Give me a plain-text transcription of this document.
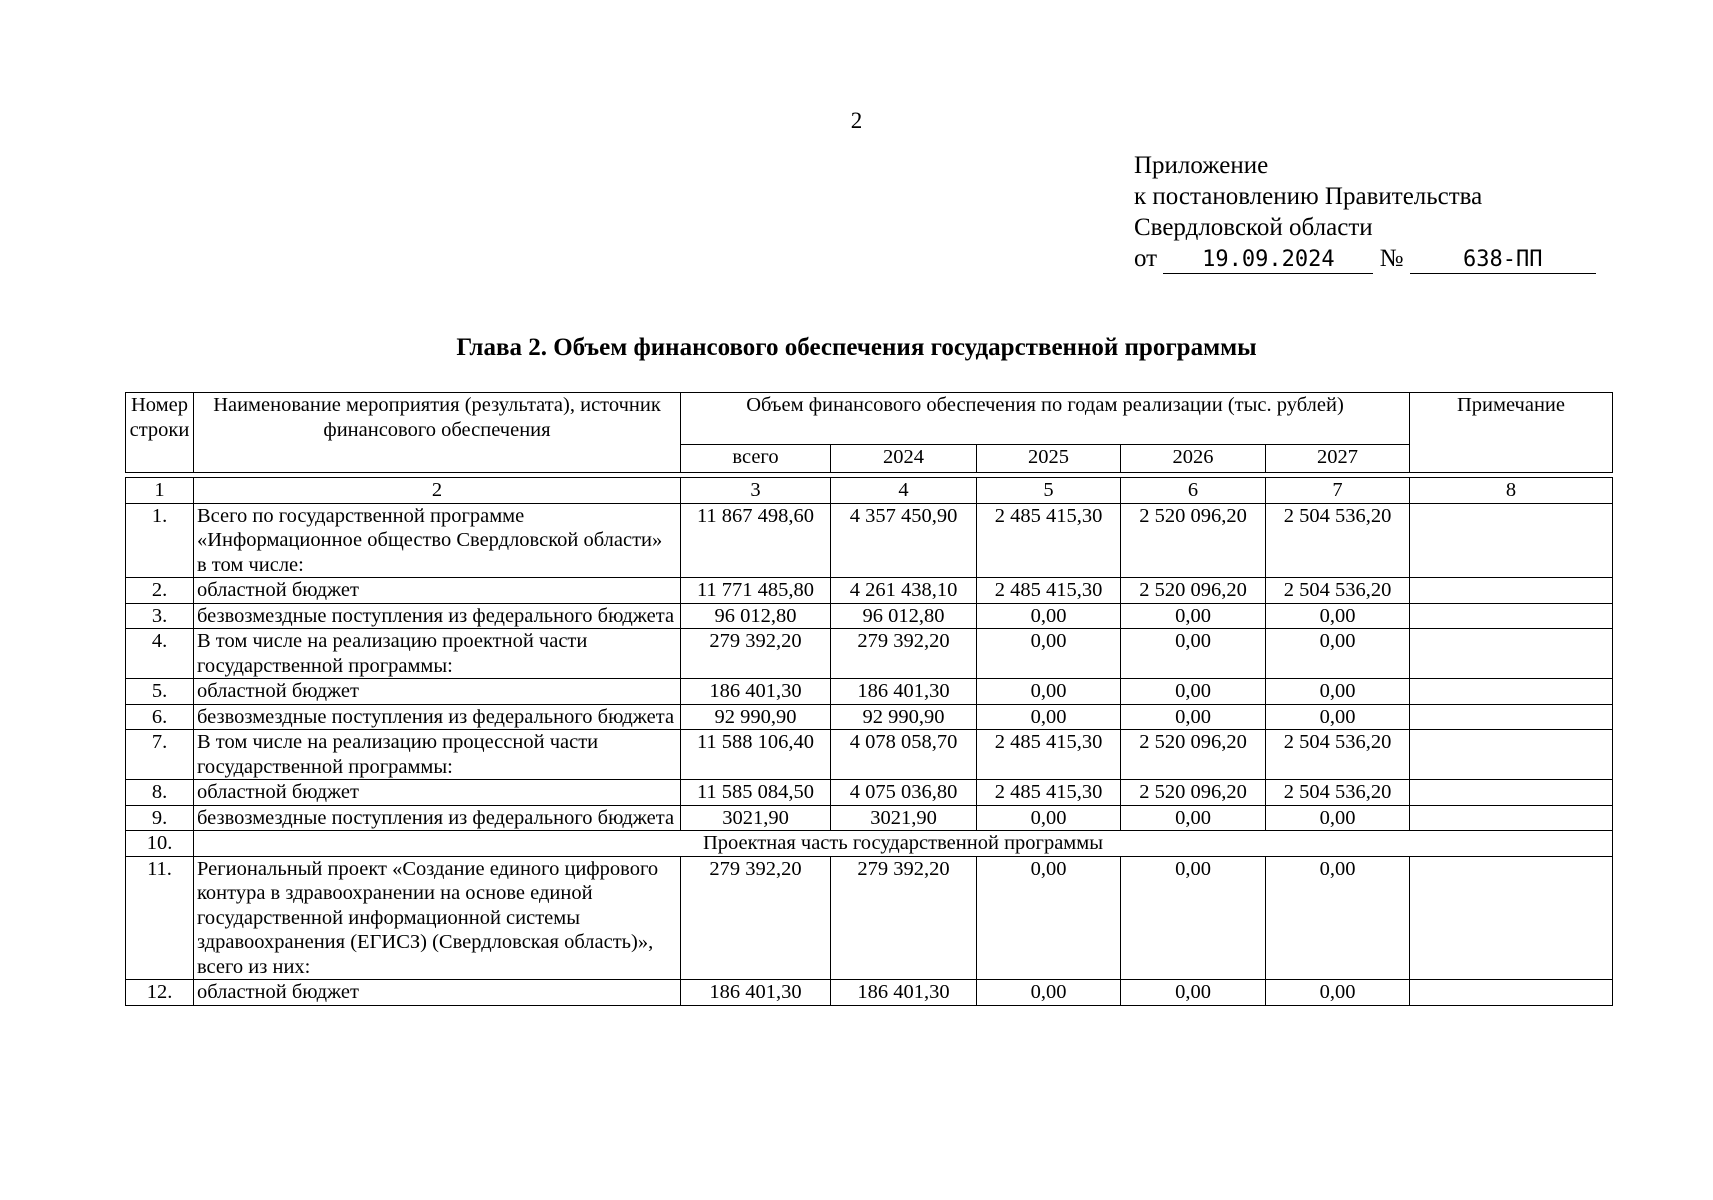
2
Приложение
к постановлению Правительства
Свердловской области
от 19.09.2024 №	638-ПП
Глава 2. Объем финансового обеспечения государственной программы
Номер строки	Наименование мероприятия (результата), источник финансового обеспечения	Объем финансового обеспечения по годам реализации (тыс. рублей)					Примечание
		всего	2024	2025	2026	2027	
1	2	3	4	5	6	7	8
1.	Всего по государственной программе «Информационное общество Свердловской области» в том числе:	11 867 498,60	4 357 450,90	2 485 415,30	2 520 096,20	2 504 536,20	
2.	областной бюджет	11 771 485,80	4 261 438,10	2 485 415,30	2 520 096,20	2 504 536,20	
3.	безвозмездные поступления из федерального бюджета	96 012,80	96 012,80	0,00	0,00	0,00	
4.	В том числе на реализацию проектной части государственной программы:	279 392,20	279 392,20	0,00	0,00	0,00	
5.	областной бюджет	186 401,30	186 401,30	0,00	0,00	0,00	
6.	безвозмездные поступления из федерального бюджета	92 990,90	92 990,90	0,00	0,00	0,00	
7.	В том числе на реализацию процессной части государственной программы:	11 588 106,40	4 078 058,70	2 485 415,30	2 520 096,20	2 504 536,20	
8.	областной бюджет	11 585 084,50	4 075 036,80	2 485 415,30	2 520 096,20	2 504 536,20	
9.	безвозмездные поступления из федерального бюджета	3021,90	3021,90	0,00	0,00	0,00	
10.	Проектная часть государственной программы						
11.	Региональный проект «Создание единого цифрового контура в здравоохранении на основе единой государственной информационной системы здравоохранения (ЕГИСЗ) (Свердловская область)», всего из них:	279 392,20	279 392,20	0,00	0,00	0,00	
12.	областной бюджет	186 401,30	186 401,30	0,00	0,00	0,00	
